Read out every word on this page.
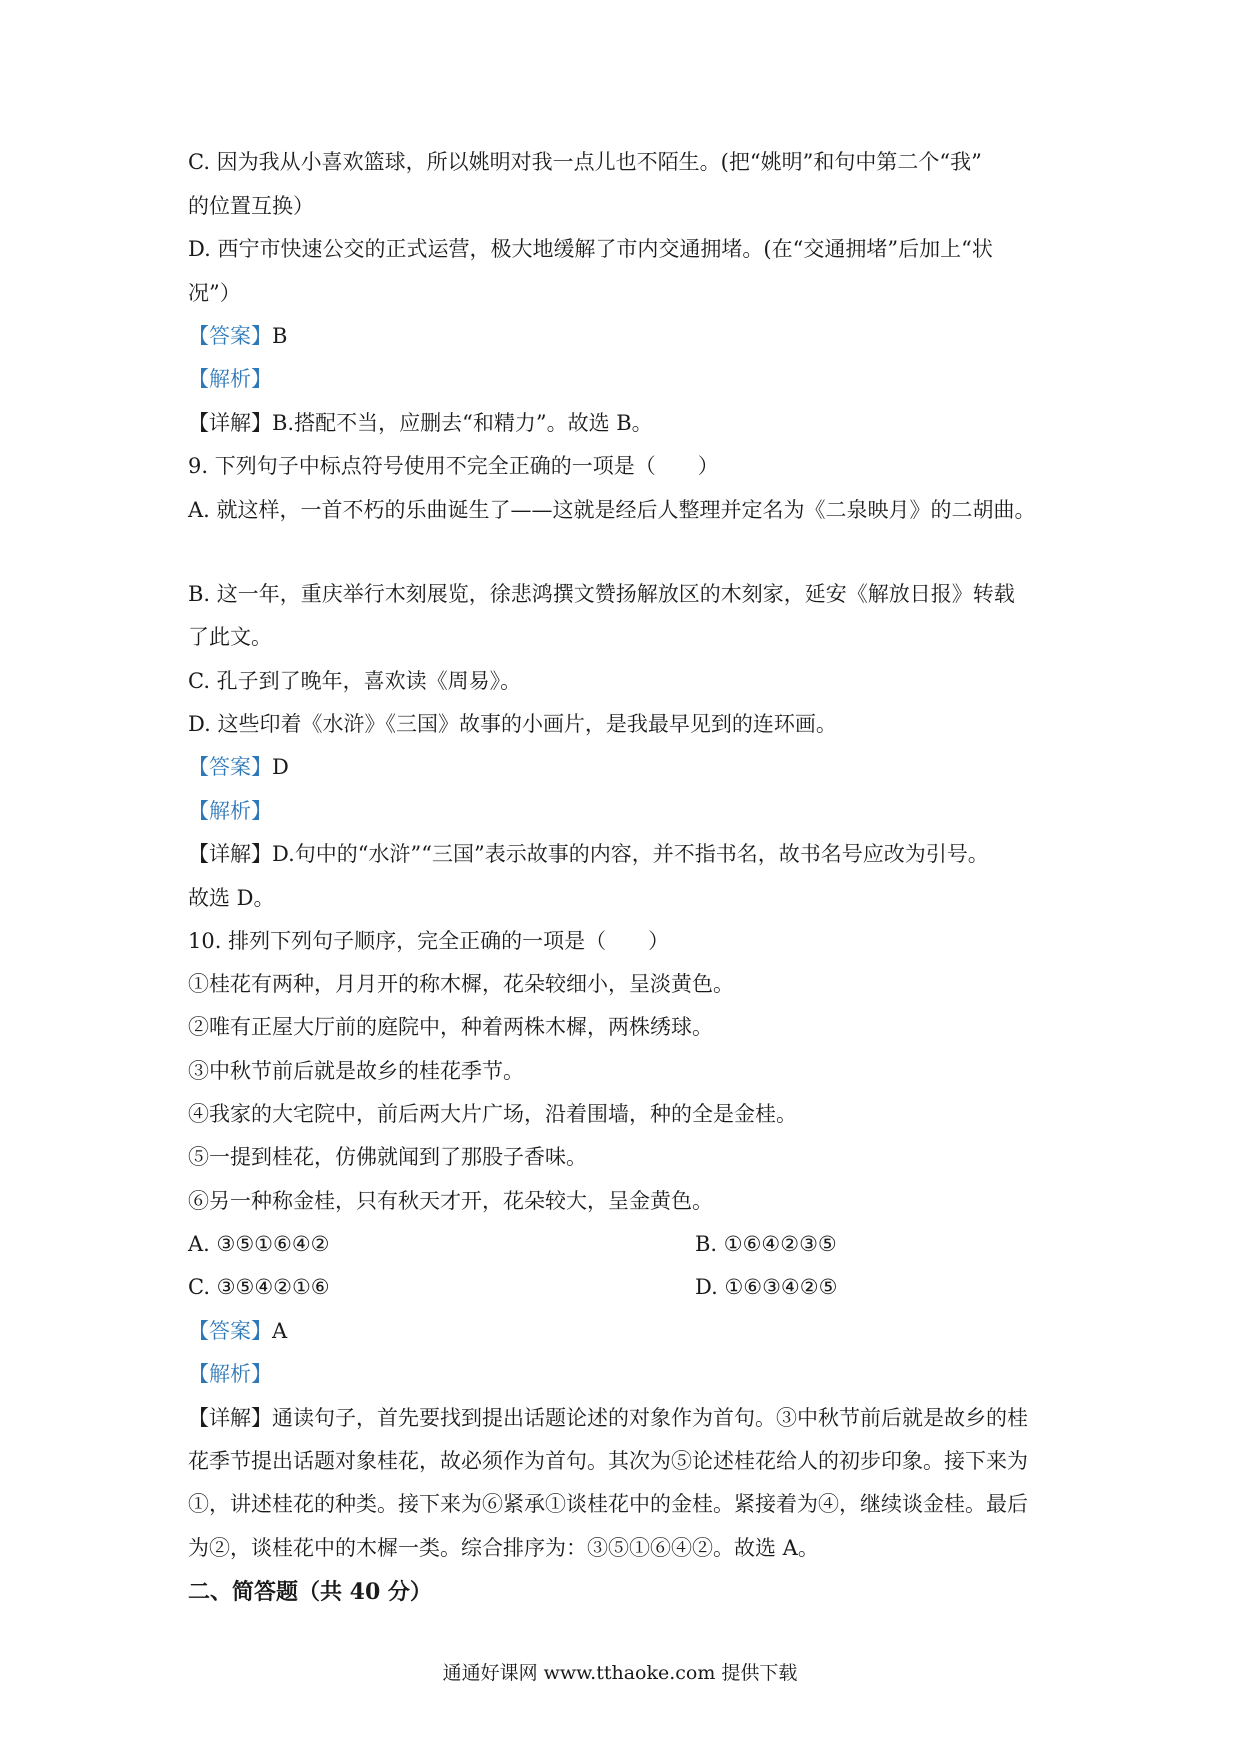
C. 因为我从小喜欢篮球，所以姚明对我一点儿也不陌生。(把“姚明”和句中第二个“我”
的位置互换）
D. 西宁市快速公交的正式运营，极大地缓解了市内交通拥堵。(在“交通拥堵”后加上“状
况”）
【答案】B
【解析】
【详解】B.搭配不当，应删去“和精力”。故选 B。
9. 下列句子中标点符号使用不完全正确的一项是（　　）
A. 就这样，一首不朽的乐曲诞生了——这就是经后人整理并定名为《二泉映月》的二胡曲。
B. 这一年，重庆举行木刻展览，徐悲鸿撰文赞扬解放区的木刻家，延安《解放日报》转载
了此文。
C. 孔子到了晚年，喜欢读《周易》。
D. 这些印着《水浒》《三国》故事的小画片，是我最早见到的连环画。
【答案】D
【解析】
【详解】D.句中的“水浒”“三国”表示故事的内容，并不指书名，故书名号应改为引号。
故选 D。
10. 排列下列句子顺序，完全正确的一项是（　　）
①桂花有两种，月月开的称木樨，花朵较细小，呈淡黄色。
②唯有正屋大厅前的庭院中，种着两株木樨，两株绣球。
③中秋节前后就是故乡的桂花季节。
④我家的大宅院中，前后两大片广场，沿着围墙，种的全是金桂。
⑤一提到桂花，仿佛就闻到了那股子香味。
⑥另一种称金桂，只有秋天才开，花朵较大，呈金黄色。
A. ③⑤①⑥④②	B. ①⑥④②③⑤
C. ③⑤④②①⑥	D. ①⑥③④②⑤
【答案】A
【解析】
【详解】通读句子，首先要找到提出话题论述的对象作为首句。③中秋节前后就是故乡的桂
花季节提出话题对象桂花，故必须作为首句。其次为⑤论述桂花给人的初步印象。接下来为
①，讲述桂花的种类。接下来为⑥紧承①谈桂花中的金桂。紧接着为④，继续谈金桂。最后
为②，谈桂花中的木樨一类。综合排序为：③⑤①⑥④②。故选 A。
二、简答题（共 40 分）
通通好课网 www.tthaoke.com 提供下载
